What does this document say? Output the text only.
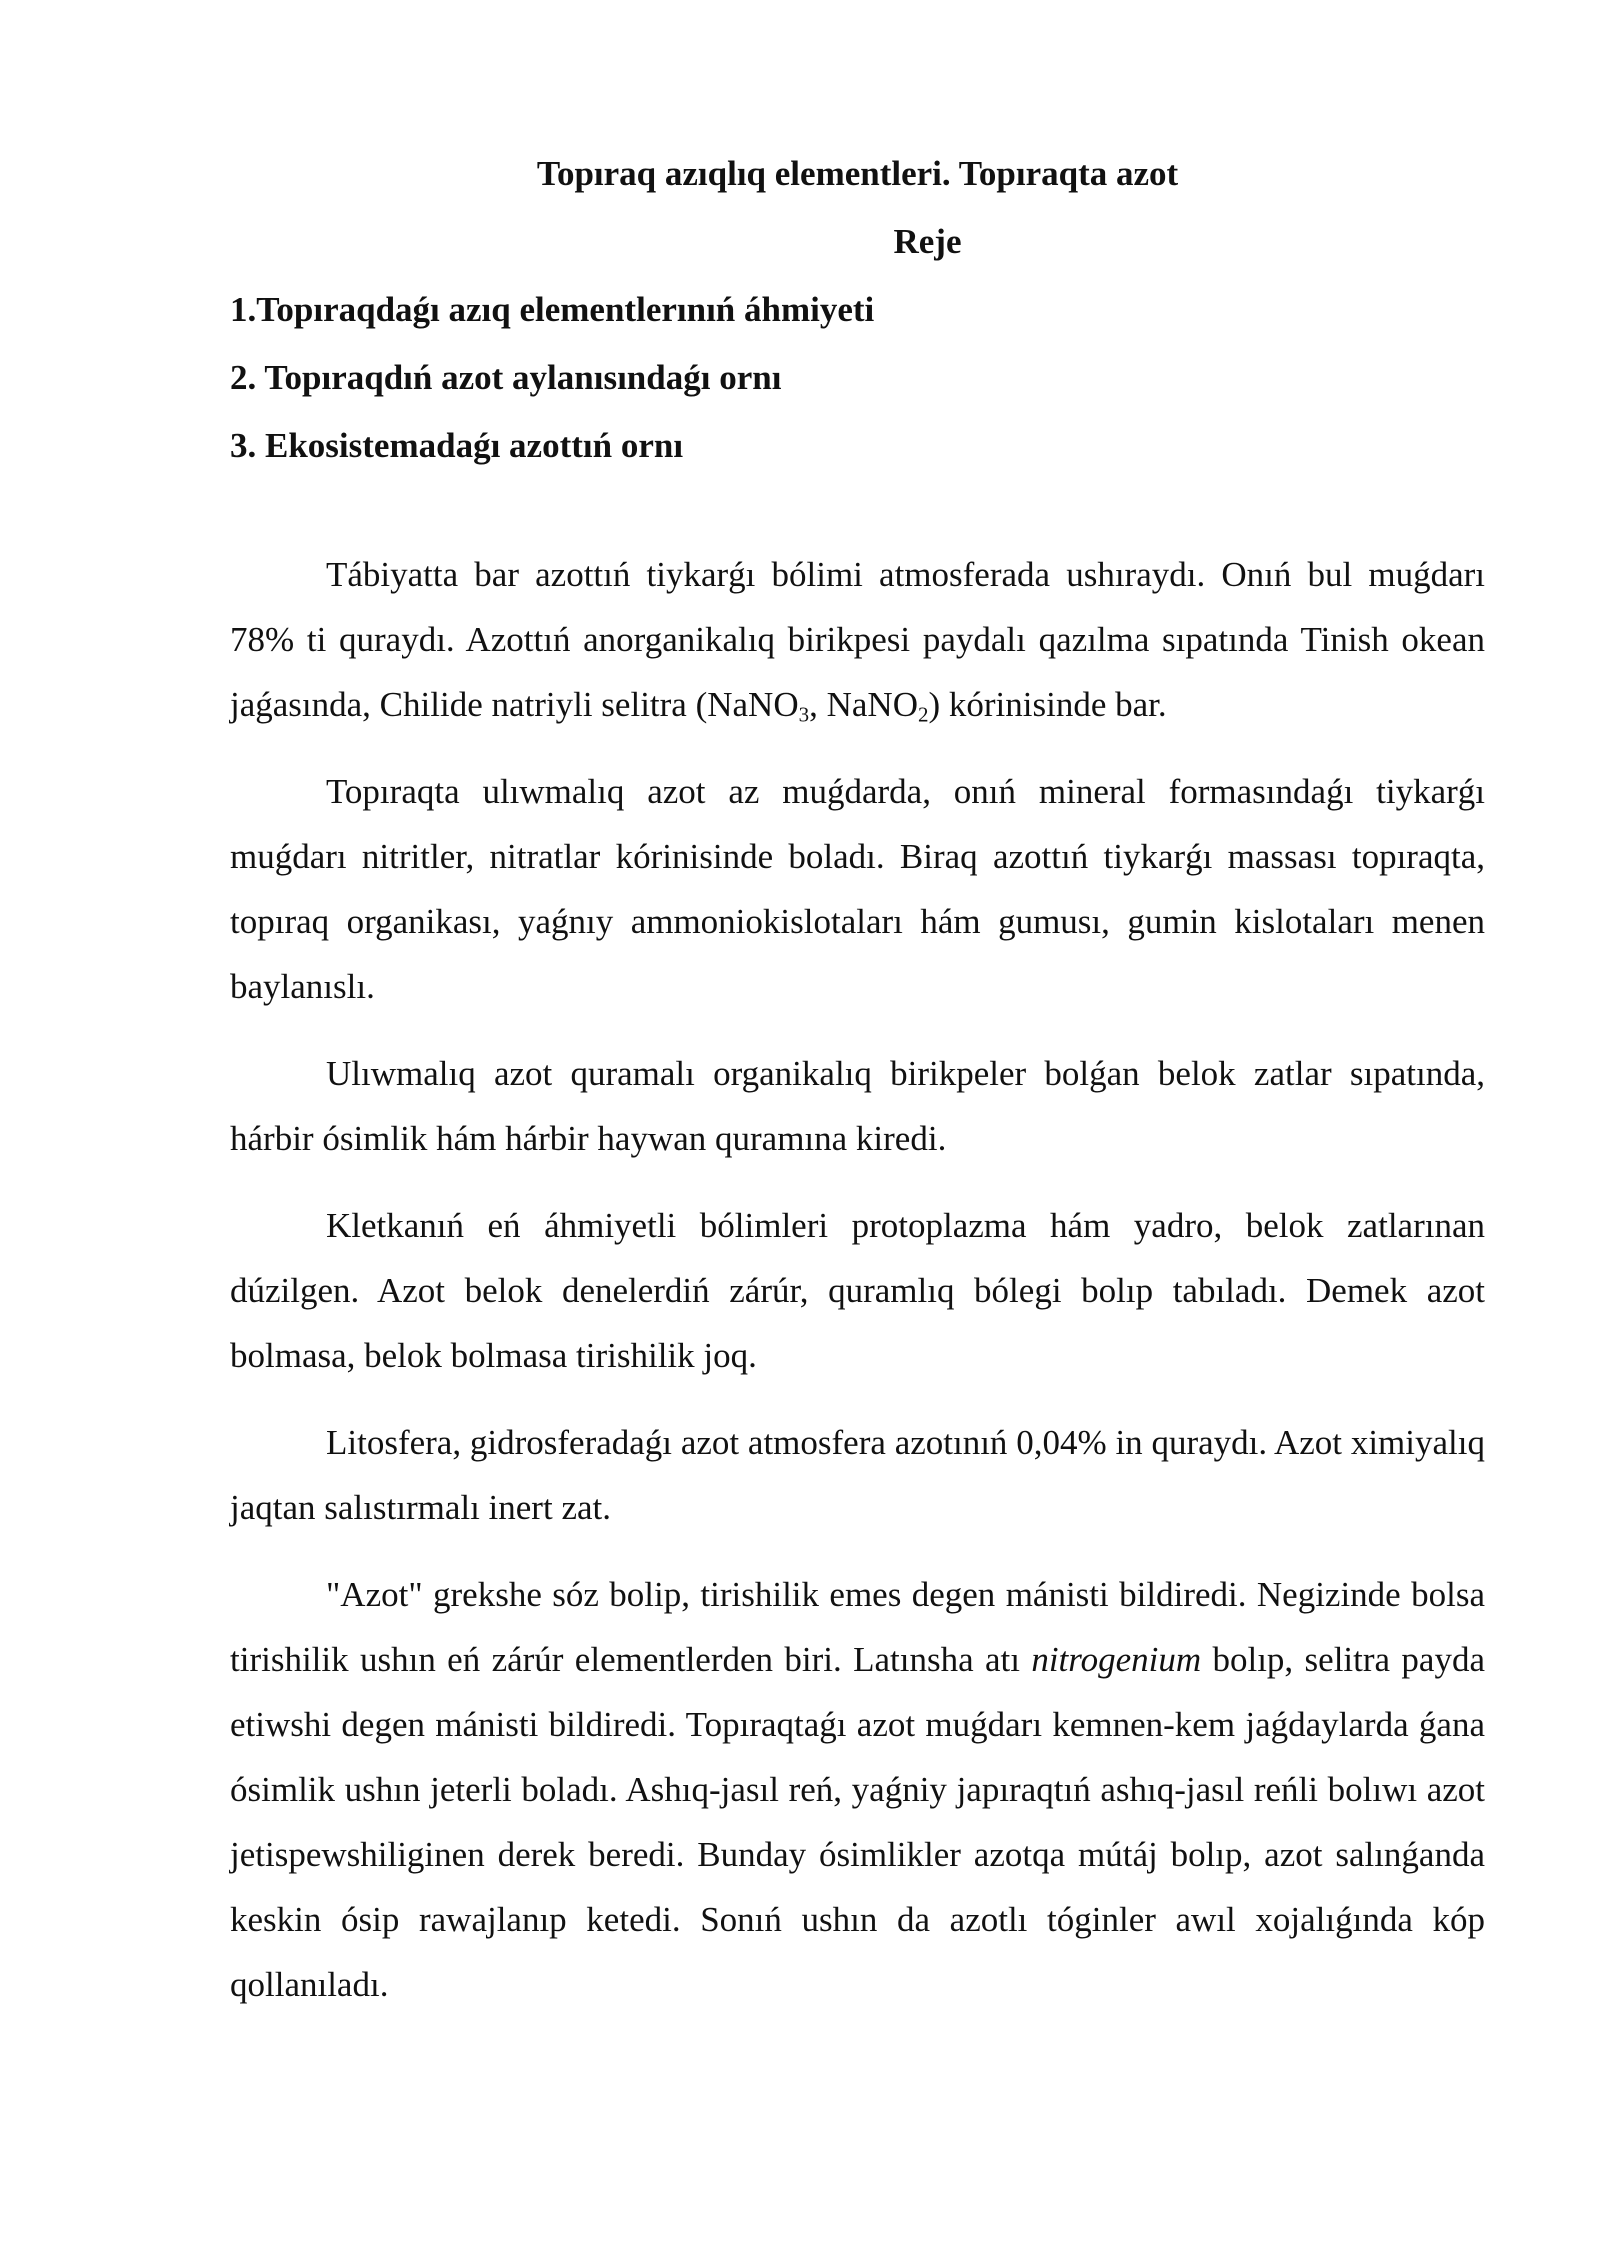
Topıraq azıqlıq elementleri. Topıraqta azot
Reje
1.Topıraqdaǵı azıq elementlerınıń áhmiyeti
2. Topıraqdıń azot aylanısındaǵı ornı
3. Ekosistemadaǵı azottıń ornı

Tábiyatta bar azottıń tiykarǵı bólimi atmosferada ushıraydı. Onıń bul muǵdarı 78% ti quraydı. Azottıń anorganikalıq birikpesi paydalı qazılma sıpatında Tinish okean jaǵasında, Chilide natriyli selitra (NaNO$_3$, NaNO$_2$) kórinisinde bar.

Topıraqta ulıwmalıq azot az muǵdarda, onıń mineral formasındaǵı tiykarǵı muǵdarı nitritler, nitratlar kórinisinde boladı. Biraq azottıń tiykarǵı massası topıraqta, topıraq organikası, yaǵnıy ammoniokislotaları hám gumusı, gumin kislotaları menen baylanıslı.

Ulıwmalıq azot quramalı organikalıq birikpeler bolǵan belok zatlar sıpatında, hárbir ósimlik hám hárbir haywan quramına kiredi.

Kletkanıń eń áhmiyetli bólimleri protoplazma hám yadro, belok zatlarınan dúzilgen. Azot belok denelerdiń zárúr, quramlıq bólegi bolıp tabıladı. Demek azot bolmasa, belok bolmasa tirishilik joq.

Litosfera, gidrosferadaǵı azot atmosfera azotınıń 0,04% in quraydı. Azot ximiyalıq jaqtan salıstırmalı inert zat.

"Azot" grekshe sóz bolip, tirishilik emes degen mánisti bildiredi. Negizinde bolsa tirishilik ushın eń zárúr elementlerden biri. Latınsha atı nitrogenium bolıp, selitra payda etiwshi degen mánisti bildiredi. Topıraqtaǵı azot muǵdarı kemnen-kem jaǵdaylarda ǵana ósimlik ushın jeterli boladı. Ashıq-jasıl reń, yaǵniy japıraqtıń ashıq-jasıl reńli bolıwı azot jetispewshiliginen derek beredi. Bunday ósimlikler azotqa mútáj bolıp, azot salınǵanda keskin ósip rawajlanıp ketedi. Sonıń ushın da azotlı tóginler awıl xojalıǵında kóp qollanıladı.
